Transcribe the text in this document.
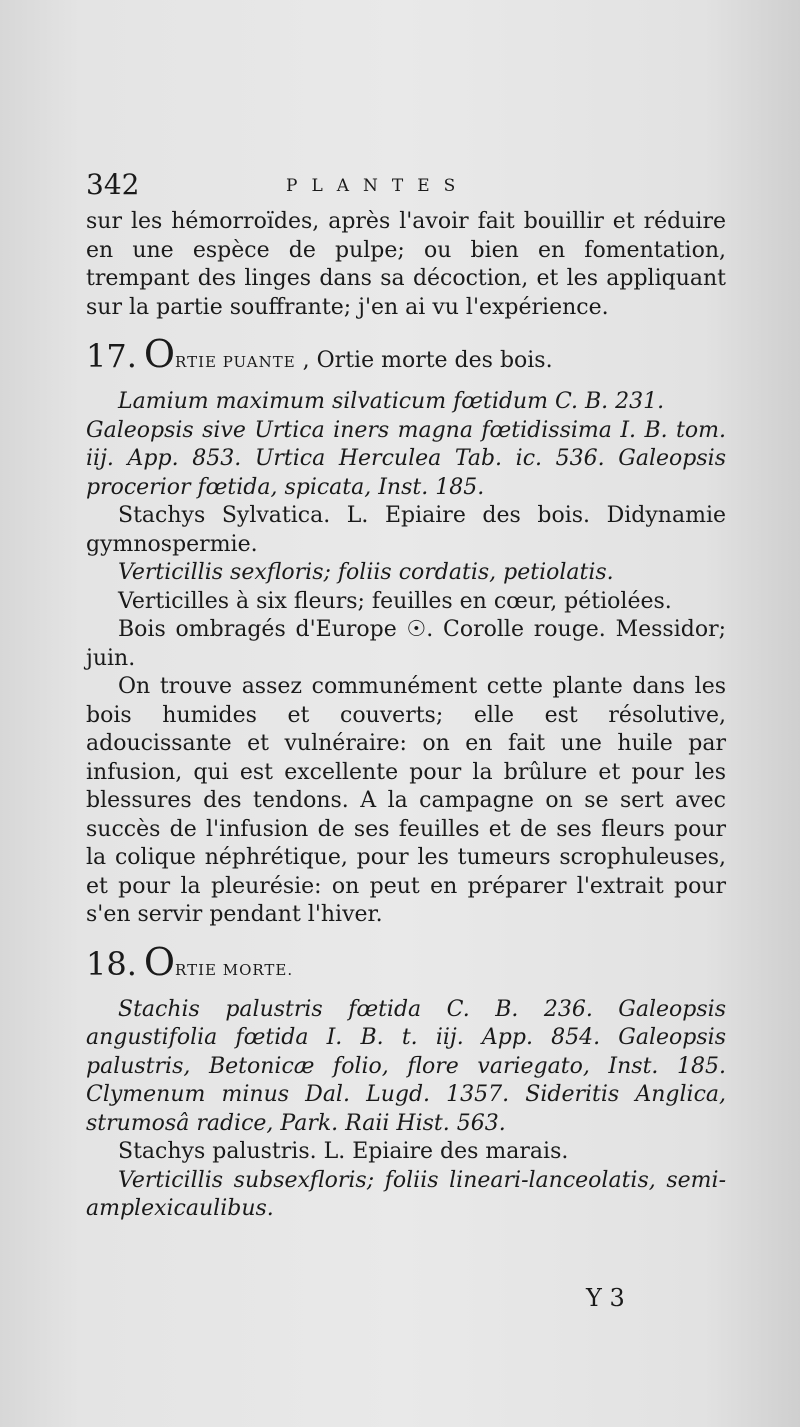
342	PLANTES

sur les hémorroïdes, après l'avoir fait bouillir et réduire en une espèce de pulpe; ou bien en fomentation, trempant des linges dans sa décoction, et les appliquant sur la partie souffrante; j'en ai vu l'expérience.

17. ORTIE PUANTE , Ortie morte des bois.

Lamium maximum silvaticum fœtidum C. B. 231.

Galeopsis sive Urtica iners magna fœtidissima I. B. tom. iij. App. 853. Urtica Herculea Tab. ic. 536. Galeopsis procerior fœtida, spicata, Inst. 185.

Stachys Sylvatica. L. Epiaire des bois. Didynamie gymnospermie.

Verticillis sexfloris; foliis cordatis, petiolatis.

Verticilles à six fleurs; feuilles en cœur, pétiolées.

Bois ombragés d'Europe ☉. Corolle rouge. Messidor; juin.

On trouve assez communément cette plante dans les bois humides et couverts; elle est résolutive, adoucissante et vulnéraire: on en fait une huile par infusion, qui est excellente pour la brûlure et pour les blessures des tendons. A la campagne on se sert avec succès de l'infusion de ses feuilles et de ses fleurs pour la colique néphrétique, pour les tumeurs scrophuleuses, et pour la pleurésie: on peut en préparer l'extrait pour s'en servir pendant l'hiver.

18. ORTIE MORTE.

Stachis palustris fœtida C. B. 236. Galeopsis angustifolia fœtida I. B. t. iij. App. 854. Galeopsis palustris, Betonicæ folio, flore variegato, Inst. 185. Clymenum minus Dal. Lugd. 1357. Sideritis Anglica, strumosâ radice, Park. Raii Hist. 563.

Stachys palustris. L. Epiaire des marais.

Verticillis subsexfloris; foliis lineari-lanceolatis, semi-amplexicaulibus.

Y 3
